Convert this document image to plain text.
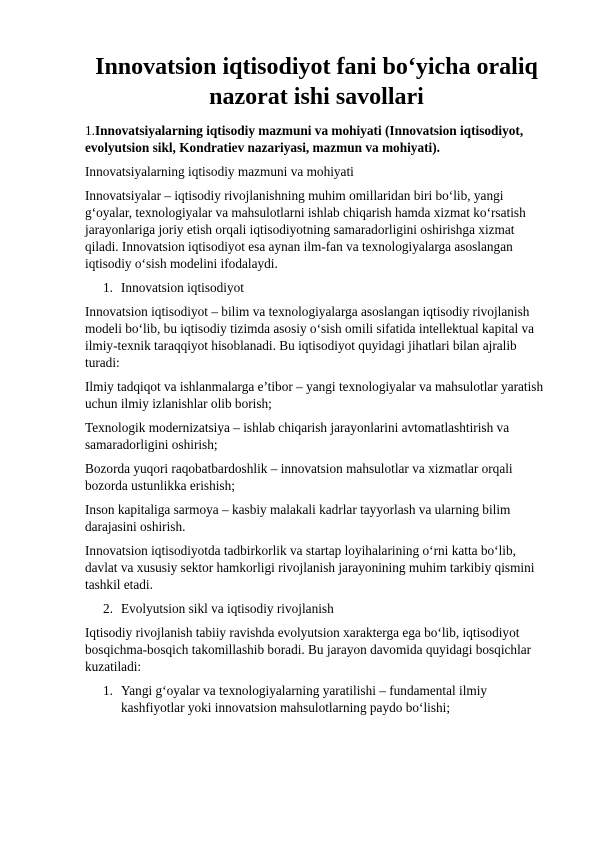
Innovatsion iqtisodiyot fani bo‘yicha oraliq nazorat ishi savollari

1.Innovatsiyalarning iqtisodiy mazmuni va mohiyati (Innovatsion iqtisodiyot, evolyutsion sikl, Kondratiev nazariyasi, mazmun va mohiyati).

Innovatsiyalarning iqtisodiy mazmuni va mohiyati

Innovatsiyalar – iqtisodiy rivojlanishning muhim omillaridan biri bo‘lib, yangi g‘oyalar, texnologiyalar va mahsulotlarni ishlab chiqarish hamda xizmat ko‘rsatish jarayonlariga joriy etish orqali iqtisodiyotning samaradorligini oshirishga xizmat qiladi. Innovatsion iqtisodiyot esa aynan ilm-fan va texnologiyalarga asoslangan iqtisodiy o‘sish modelini ifodalaydi.

1. Innovatsion iqtisodiyot

Innovatsion iqtisodiyot – bilim va texnologiyalarga asoslangan iqtisodiy rivojlanish modeli bo‘lib, bu iqtisodiy tizimda asosiy o‘sish omili sifatida intellektual kapital va ilmiy-texnik taraqqiyot hisoblanadi. Bu iqtisodiyot quyidagi jihatlari bilan ajralib turadi:

Ilmiy tadqiqot va ishlanmalarga e’tibor – yangi texnologiyalar va mahsulotlar yaratish uchun ilmiy izlanishlar olib borish;

Texnologik modernizatsiya – ishlab chiqarish jarayonlarini avtomatlashtirish va samaradorligini oshirish;

Bozorda yuqori raqobatbardoshlik – innovatsion mahsulotlar va xizmatlar orqali bozorda ustunlikka erishish;

Inson kapitaliga sarmoya – kasbiy malakali kadrlar tayyorlash va ularning bilim darajasini oshirish.

Innovatsion iqtisodiyotda tadbirkorlik va startap loyihalarining o‘rni katta bo‘lib, davlat va xususiy sektor hamkorligi rivojlanish jarayonining muhim tarkibiy qismini tashkil etadi.

2. Evolyutsion sikl va iqtisodiy rivojlanish

Iqtisodiy rivojlanish tabiiy ravishda evolyutsion xarakterga ega bo‘lib, iqtisodiyot bosqichma-bosqich takomillashib boradi. Bu jarayon davomida quyidagi bosqichlar kuzatiladi:

1. Yangi g‘oyalar va texnologiyalarning yaratilishi – fundamental ilmiy kashfiyotlar yoki innovatsion mahsulotlarning paydo bo‘lishi;
